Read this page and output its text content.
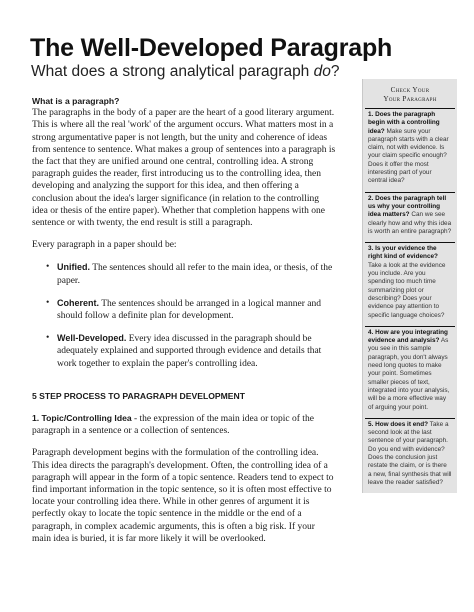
The Well-Developed Paragraph
What does a strong analytical paragraph do?

What is a paragraph?

The paragraphs in the body of a paper are the heart of a good literary argument. This is where all the real 'work' of the argument occurs. What matters most in a strong argumentative paper is not length, but the unity and coherence of ideas from sentence to sentence. What makes a group of sentences into a paragraph is the fact that they are unified around one central, controlling idea. A strong paragraph guides the reader, first introducing us to the controlling idea, then developing and analyzing the support for this idea, and then offering a conclusion about the idea's larger significance (in relation to the controlling idea or thesis of the entire paper). Whether that completion happens with one sentence or with twenty, the end result is still a paragraph.

Every paragraph in a paper should be:

• Unified. The sentences should all refer to the main idea, or thesis, of the paper.
• Coherent. The sentences should be arranged in a logical manner and should follow a definite plan for development.
• Well-Developed. Every idea discussed in the paragraph should be adequately explained and supported through evidence and details that work together to explain the paper's controlling idea.

5 STEP PROCESS TO PARAGRAPH DEVELOPMENT

1. Topic/Controlling Idea - the expression of the main idea or topic of the paragraph in a sentence or a collection of sentences.

Paragraph development begins with the formulation of the controlling idea. This idea directs the paragraph's development. Often, the controlling idea of a paragraph will appear in the form of a topic sentence. Readers tend to expect to find important information in the topic sentence, so it is often most effective to locate your controlling idea there. While in other genres of argument it is perfectly okay to locate the topic sentence in the middle or the end of a paragraph, in complex academic arguments, this is often a big risk. If your main idea is buried, it is far more likely it will be overlooked.

Check Your
Your Paragraph
1. Does the paragraph begin with a controlling idea? Make sure your paragraph starts with a clear claim, not with evidence. Is your claim specific enough? Does it offer the most interesting part of your central idea?
2. Does the paragraph tell us why your controlling idea matters? Can we see clearly how and why this idea is worth an entire paragraph?
3. Is your evidence the right kind of evidence? Take a look at the evidence you include. Are you spending too much time summarizing plot or describing? Does your evidence pay attention to specific language choices?
4. How are you integrating evidence and analysis? As you see in this sample paragraph, you don't always need long quotes to make your point. Sometimes smaller pieces of text, integrated into your analysis, will be a more effective way of arguing your point.
5. How does it end? Take a second look at the last sentence of your paragraph. Do you end with evidence? Does the conclusion just restate the claim, or is there a new, final synthesis that will leave the reader satisfied?
